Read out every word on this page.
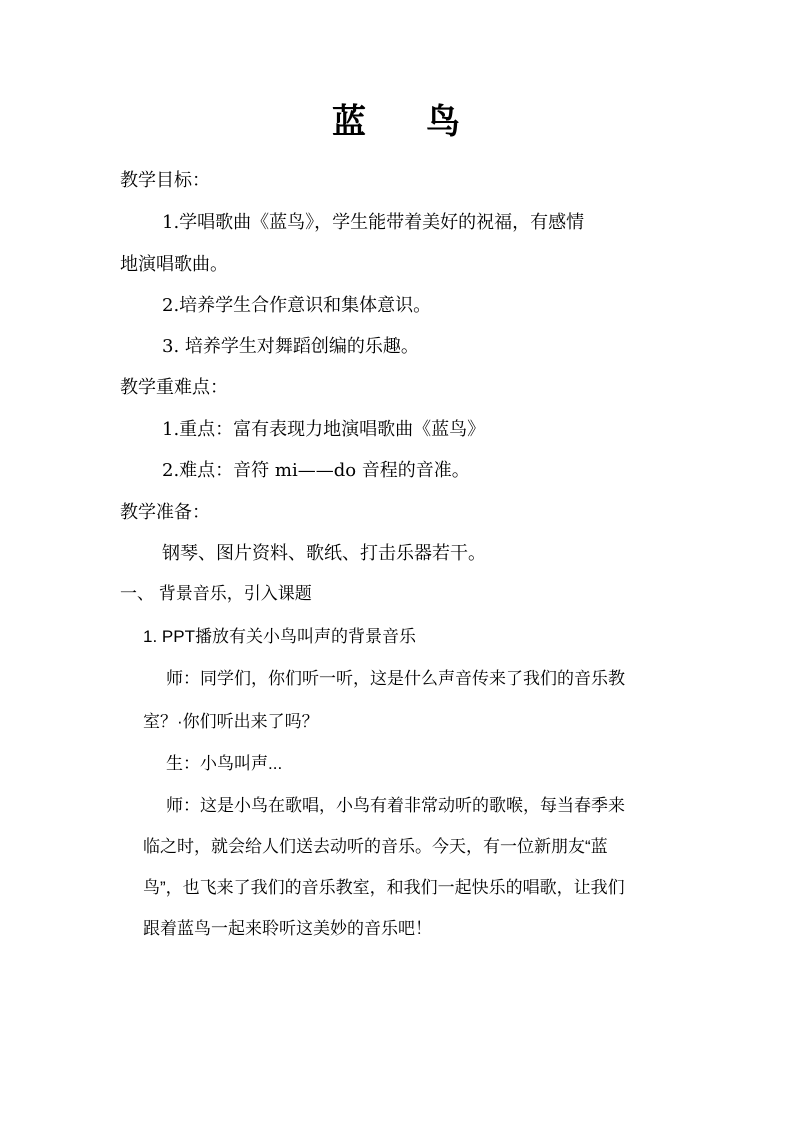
蓝 鸟
教学目标：
1.学唱歌曲《蓝鸟》，学生能带着美好的祝福，有感情
地演唱歌曲。
2.培养学生合作意识和集体意识。
3. 培养学生对舞蹈创编的乐趣。
教学重难点：
1.重点：富有表现力地演唱歌曲《蓝鸟》
2.难点：音符 mi——do 音程的音准。
教学准备：
钢琴、图片资料、歌纸、打击乐器若干。
一、 背景音乐，引入课题
1. PPT播放有关小鸟叫声的背景音乐
师：同学们，你们听一听，这是什么声音传来了我们的音乐教
室？·你们听出来了吗？
生：小鸟叫声...
师：这是小鸟在歌唱，小鸟有着非常动听的歌喉，每当春季来
临之时，就会给人们送去动听的音乐。今天，有一位新朋友“蓝
鸟”，也飞来了我们的音乐教室，和我们一起快乐的唱歌，让我们
跟着蓝鸟一起来聆听这美妙的音乐吧！
